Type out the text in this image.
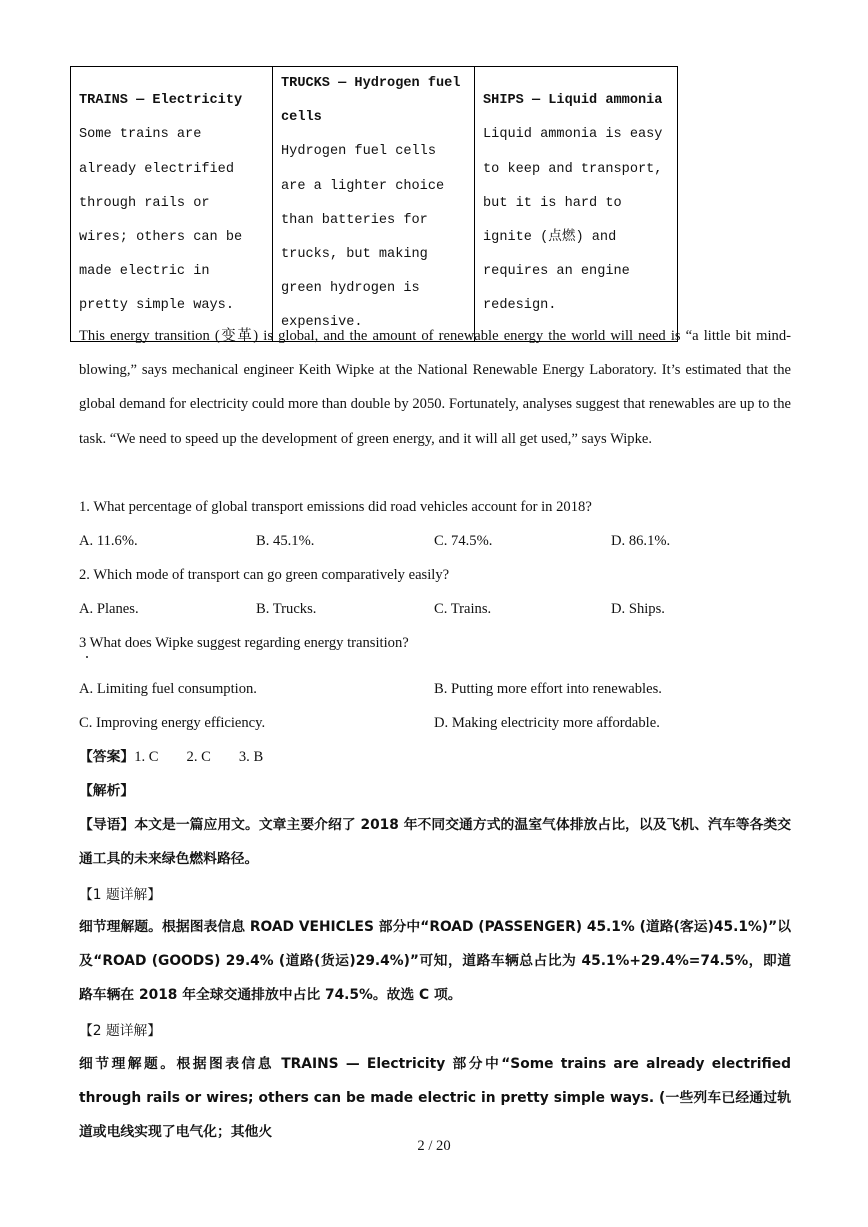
TRAINS — Electricity
Some trains are already electrified through rails or wires; others can be made electric in pretty simple ways.

TRUCKS — Hydrogen fuel cells
Hydrogen fuel cells are a lighter choice than batteries for trucks, but making green hydrogen is expensive.

SHIPS — Liquid ammonia
Liquid ammonia is easy to keep and transport, but it is hard to ignite (点燃) and requires an engine redesign.
This energy transition (变革) is global, and the amount of renewable energy the world will need is “a little bit mind-blowing,” says mechanical engineer Keith Wipke at the National Renewable Energy Laboratory. It’s estimated that the global demand for electricity could more than double by 2050. Fortunately, analyses suggest that renewables are up to the task. “We need to speed up the development of green energy, and it will all get used,” says Wipke.
1. What percentage of global transport emissions did road vehicles account for in 2018?
A. 11.6%.	B. 45.1%.	C. 74.5%.	D. 86.1%.
2. Which mode of transport can go green comparatively easily?
A. Planes.	B. Trucks.	C. Trains.	D. Ships.
3 What does Wipke suggest regarding energy transition?
A. Limiting fuel consumption.	B. Putting more effort into renewables.
C. Improving energy efficiency.	D. Making electricity more affordable.
【答案】1. C 2. C 3. B
【解析】
【导语】本文是一篇应用文。文章主要介绍了 2018 年不同交通方式的温室气体排放占比，以及飞机、汽车等各类交通工具的未来绿色燃料路径。
【1 题详解】
细节理解题。根据图表信息 ROAD VEHICLES 部分中“ROAD (PASSENGER) 45.1% (道路(客运)45.1%)”以及“ROAD (GOODS) 29.4% (道路(货运)29.4%)”可知，道路车辆总占比为 45.1%+29.4%=74.5%，即道路车辆在 2018 年全球交通排放中占比 74.5%。故选 C 项。
【2 题详解】
细节理解题。根据图表信息 TRAINS — Electricity 部分中“Some trains are already electrified through rails or wires; others can be made electric in pretty simple ways. (一些列车已经通过轨道或电线实现了电气化；其他火
2 / 20
